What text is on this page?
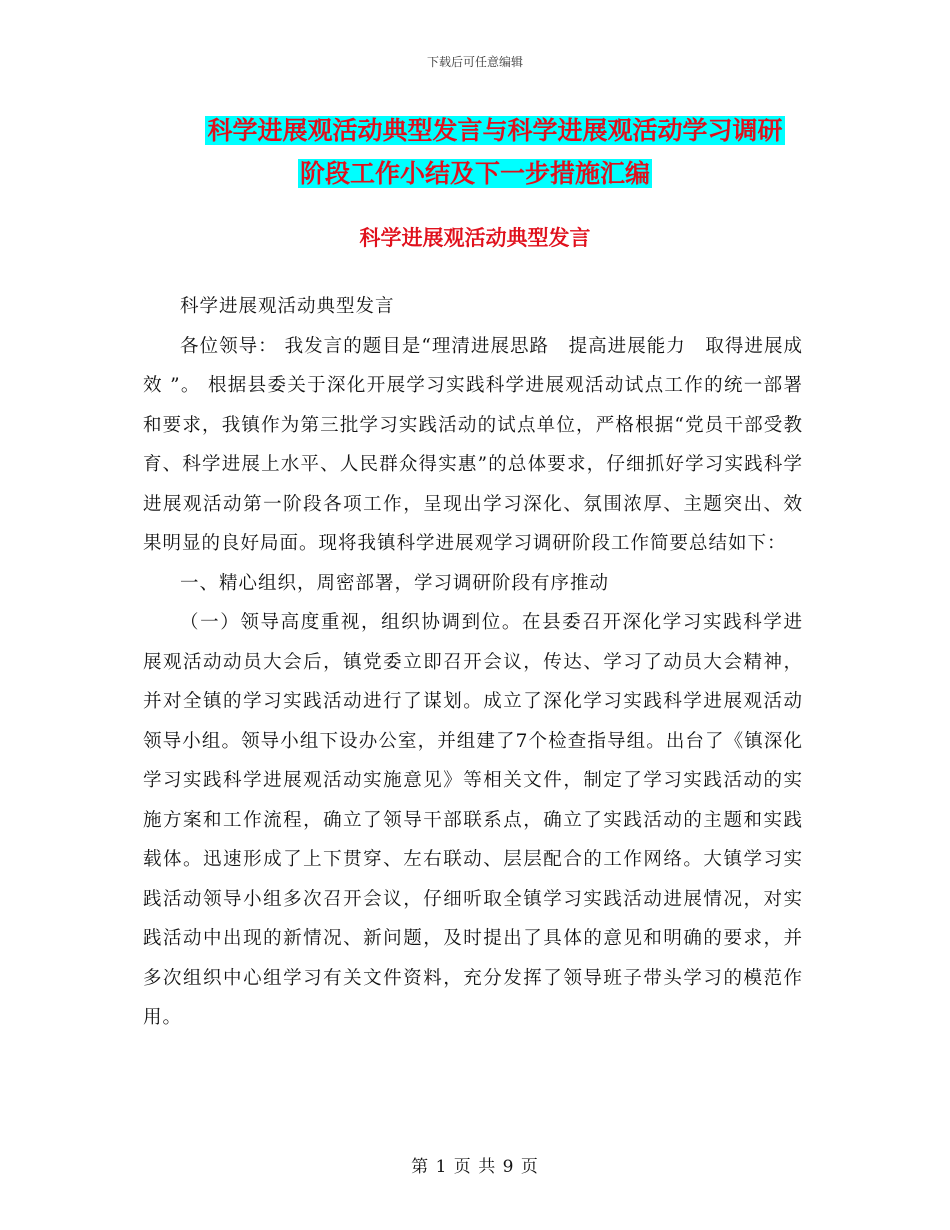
下载后可任意编辑
科学进展观活动典型发言与科学进展观活动学习调研
阶段工作小结及下一步措施汇编
科学进展观活动典型发言

科学进展观活动典型发言

各位领导： 我发言的题目是“理清进展思路　提高进展能力　取得进展成效 ”。 根据县委关于深化开展学习实践科学进展观活动试点工作的统一部署和要求，我镇作为第三批学习实践活动的试点单位，严格根据“党员干部受教育、科学进展上水平、人民群众得实惠”的总体要求，仔细抓好学习实践科学进展观活动第一阶段各项工作，呈现出学习深化、氛围浓厚、主题突出、效果明显的良好局面。现将我镇科学进展观学习调研阶段工作简要总结如下：

一、精心组织，周密部署，学习调研阶段有序推动

（一）领导高度重视，组织协调到位。在县委召开深化学习实践科学进展观活动动员大会后，镇党委立即召开会议，传达、学习了动员大会精神，并对全镇的学习实践活动进行了谋划。成立了深化学习实践科学进展观活动领导小组。领导小组下设办公室，并组建了7个检查指导组。出台了《镇深化学习实践科学进展观活动实施意见》等相关文件，制定了学习实践活动的实施方案和工作流程，确立了领导干部联系点，确立了实践活动的主题和实践载体。迅速形成了上下贯穿、左右联动、层层配合的工作网络。大镇学习实践活动领导小组多次召开会议，仔细听取全镇学习实践活动进展情况，对实践活动中出现的新情况、新问题，及时提出了具体的意见和明确的要求，并多次组织中心组学习有关文件资料，充分发挥了领导班子带头学习的模范作用。

第 1 页 共 9 页
